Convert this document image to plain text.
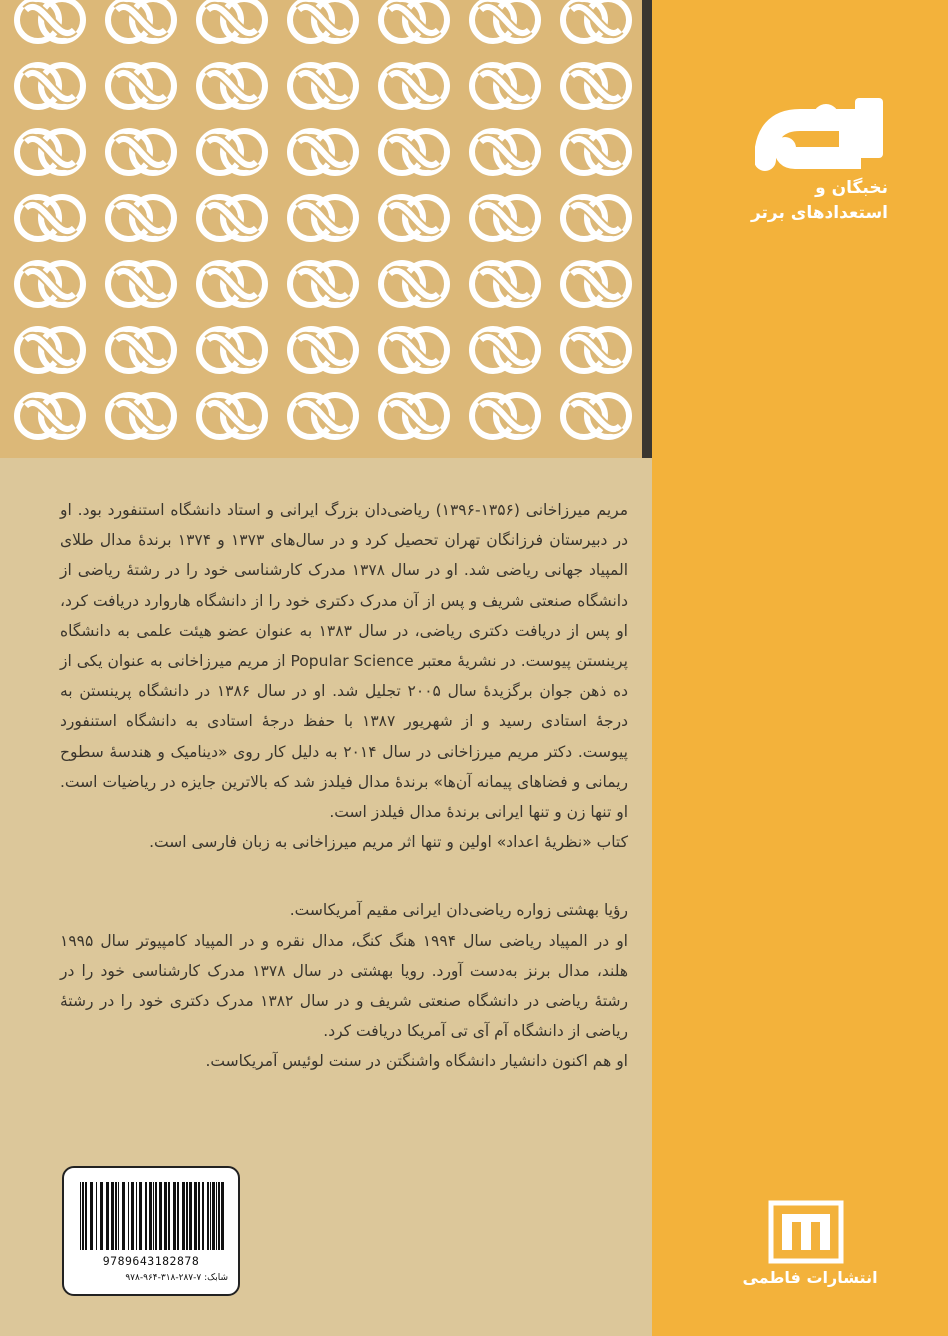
نخبگان و
استعدادهای برتر

مریم میرزاخانی (۱۳۵۶-۱۳۹۶) ریاضی‌دان بزرگ ایرانی و استاد دانشگاه استنفورد بود. او در دبیرستان فرزانگان تهران تحصیل کرد و در سال‌های ۱۳۷۳ و ۱۳۷۴ برندهٔ مدال طلای المپیاد جهانی ریاضی شد. او در سال ۱۳۷۸ مدرک کارشناسی خود را در رشتهٔ ریاضی از دانشگاه صنعتی شریف و پس از آن مدرک دکتری خود را از دانشگاه هاروارد دریافت کرد، او پس از دریافت دکتری ریاضی، در سال ۱۳۸۳ به عنوان عضو هیئت علمی به دانشگاه پرینستن پیوست. در نشریهٔ معتبر Popular Science از مریم میرزاخانی به عنوان یکی از ده ذهن جوان برگزیدهٔ سال ۲۰۰۵ تجلیل شد. او در سال ۱۳۸۶ در دانشگاه پرینستن به درجهٔ استادی رسید و از شهریور ۱۳۸۷ با حفظ درجهٔ استادی به دانشگاه استنفورد پیوست. دکتر مریم میرزاخانی در سال ۲۰۱۴ به دلیل کار روی «دینامیک و هندسهٔ سطوح ریمانی و فضاهای پیمانه آن‌ها» برندهٔ مدال فیلدز شد که بالاترین جایزه در ریاضیات است. او تنها زن و تنها ایرانی برندهٔ مدال فیلدز است.

کتاب «نظریهٔ اعداد» اولین و تنها اثر مریم میرزاخانی به زبان فارسی است.

رؤیا بهشتی زواره ریاضی‌دان ایرانی مقیم آمریکاست.

او در المپیاد ریاضی سال ۱۹۹۴ هنگ کنگ، مدال نقره و در المپیاد کامپیوتر سال ۱۹۹۵ هلند، مدال برنز به‌دست آورد. رویا بهشتی در سال ۱۳۷۸ مدرک کارشناسی خود را در رشتهٔ ریاضی در دانشگاه صنعتی شریف و در سال ۱۳۸۲ مدرک دکتری خود را در رشتهٔ ریاضی از دانشگاه آم آی تی آمریکا دریافت کرد.

او هم اکنون دانشیار دانشگاه واشنگتن در سنت لوئیس آمریکاست.

9789643182878
شابک: ۷-۲۸۷-۳۱۸-۹۶۴-۹۷۸	انتشارات فاطمی
